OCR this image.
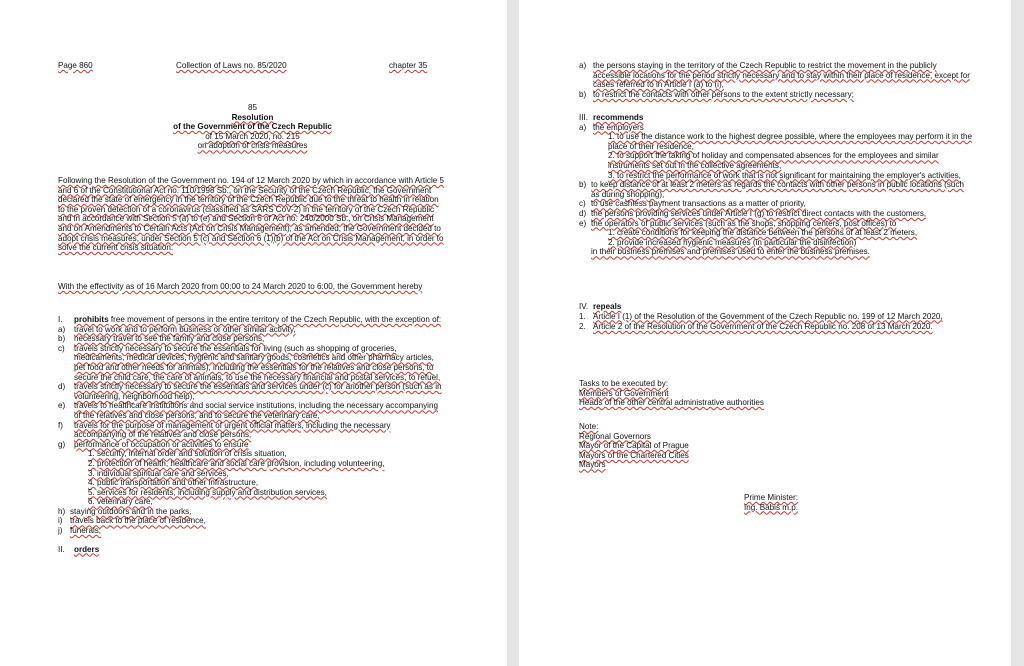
Page 860	Collection of Laws no. 85/2020	chapter 35
85
Resolution
of the Government of the Czech Republic
of 15 March 2020, no. 215
on adoption of crisis measures
Following the Resolution of the Government no. 194 of 12 March 2020 by which in accordance with Article 5 and 6 of the Constitutional Act no. 110/1998 Sb., on the Security of the Czech Republic, the Government declared the state of emergency in the territory of the Czech Republic due to the threat to health in relation to the proven detection of a coronavirus (classified as SARS CoV-2) in the territory of the Czech Republic and in accordance with Section 5 (a) to (e) and Section 6 of Act no. 240/2000 Sb., on Crisis Management and on Amendments to Certain Acts (Act on Crisis Management), as amended, the Government decided to adopt crisis measures, under Section 5 (c) and Section 6 (1)(b) of the Act on Crisis Management, in order to solve the current crisis situation.
With the effectivity as of 16 March 2020 from 00:00 to 24 March 2020 to 6:00, the Government hereby
I.	prohibits free movement of persons in the entire territory of the Czech Republic, with the exception of:
a)	travel to work and to perform business or other similar activity,
b)	necessary travel to see the family and close persons,
c)	travels strictly necessary to secure the essentials for living (such as shopping of groceries, medicaments, medical devices, hygienic and sanitary goods, cosmetics and other pharmacy articles, pet food and other needs for animals), including the essentials for the relatives and close persons, to secure the child care, the care of animals, to use the necessary financial and postal services, to refuel,
d)	travels strictly necessary to secure the essentials and services under (c) for another person (such as in volunteering, neighborhood help),
e)	travels to healthcare institutions and social service institutions, including the necessary accompanying of the relatives and close persons, and to secure the veterinary care,
f)	travels for the purpose of management of urgent official matters, including the necessary accompanying of the relatives and close persons,
g)	performance of occupation or activities to ensure
1. security, internal order and solution of crisis situation,
2. protection of health, healthcare and social care provision, including volunteering,
3. individual spiritual care and services,
4. public transportation and other infrastructure,
5. services for residents, including supply and distribution services,
6. veterinary care,
h) staying outdoors and in the parks,
i) travels back to the place of residence,
j) funerals;
II.	orders
a) the persons staying in the territory of the Czech Republic to restrict the movement in the publicly accessible locations for the period strictly necessary and to stay within their place of residence, except for cases referred to in Article I (a) to (i),
b) to restrict the contacts with other persons to the extent strictly necessary;
III. recommends
a) the employers
1. to use the distance work to the highest degree possible, where the employees may perform it in the place of their residence,
2. to support the taking of holiday and compensated absences for the employees and similar instruments set out in the collective agreements,
3. to restrict the performance of work that is not significant for maintaining the employer's activities,
b) to keep distance of at least 2 meters as regards the contacts with other persons in public locations (such as during shopping),
c) to use cashless payment transactions as a matter of priority,
d) the persons providing services under Article I (g) to restrict direct contacts with the customers,
e) the operators of public services (such as the shops, shopping centers, post offices) to
1. create conditions for keeping the distance between the persons of at least 2 meters,
2. provide increased hygienic measures (in particular the disinfection)
in their business premises and premises used to enter the business premises.
IV. repeals
1. Article I (1) of the Resolution of the Government of the Czech Republic no. 199 of 12 March 2020,
2. Article 2 of the Resolution of the Government of the Czech Republic no. 208 of 13 March 2020.
Tasks to be executed by:
Members of Government
Heads of the other central administrative authorities
Note:
Regional Governors
Mayor of the Capital of Prague
Mayors of the Chartered Cities
Mayors
Prime Minister:
Ing. Babiš m.p.
